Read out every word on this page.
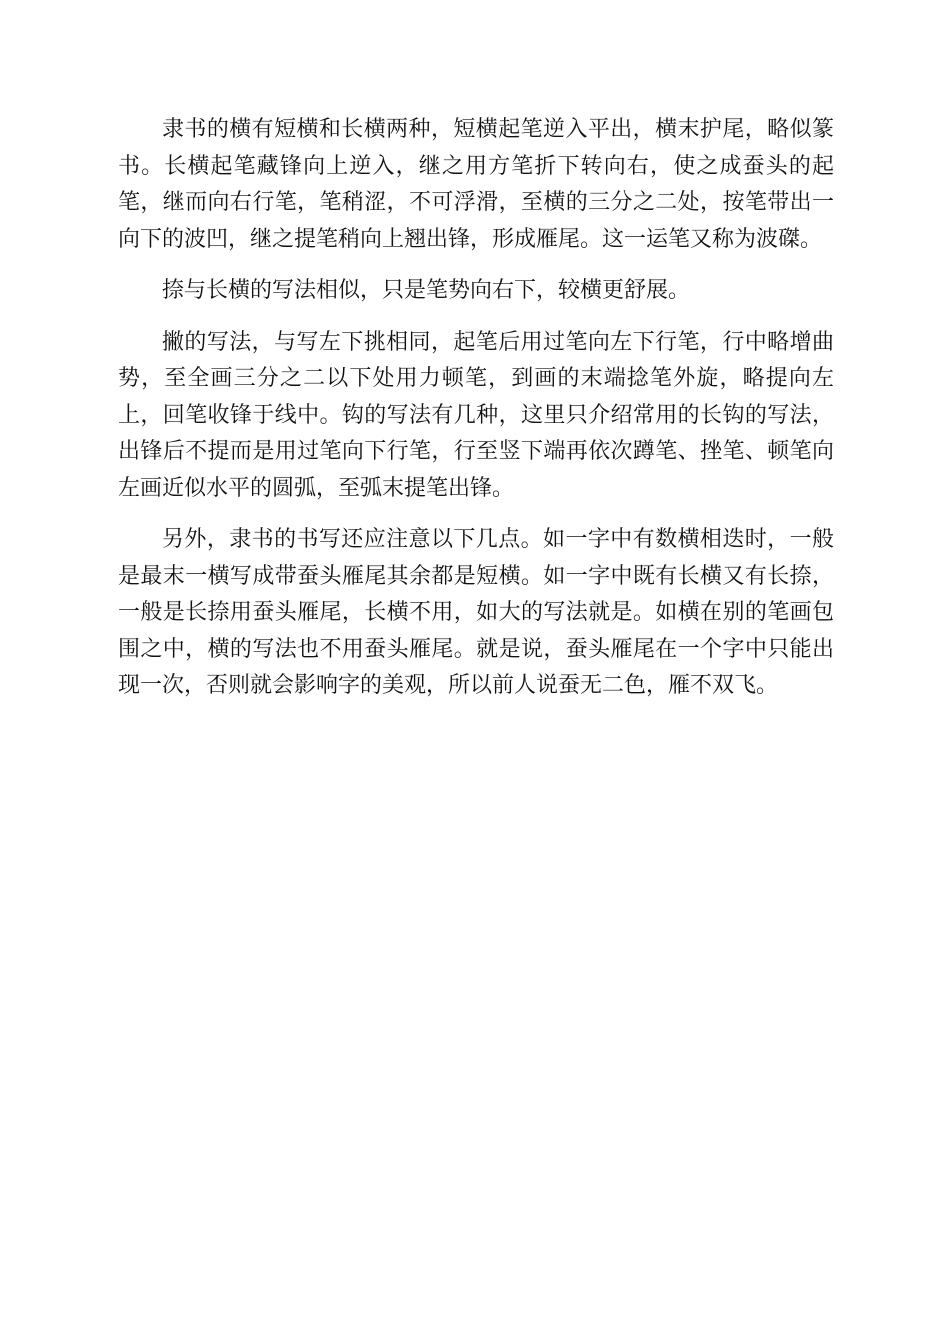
隶书的横有短横和长横两种，短横起笔逆入平出，横末护尾，略似篆书。长横起笔藏锋向上逆入，继之用方笔折下转向右，使之成蚕头的起笔，继而向右行笔，笔稍涩，不可浮滑，至横的三分之二处，按笔带出一向下的波凹，继之提笔稍向上翘出锋，形成雁尾。这一运笔又称为波磔。

捺与长横的写法相似，只是笔势向右下，较横更舒展。

撇的写法，与写左下挑相同，起笔后用过笔向左下行笔，行中略增曲势，至全画三分之二以下处用力顿笔，到画的末端捻笔外旋，略提向左上，回笔收锋于线中。钩的写法有几种，这里只介绍常用的长钩的写法，出锋后不提而是用过笔向下行笔，行至竖下端再依次蹲笔、挫笔、顿笔向左画近似水平的圆弧，至弧末提笔出锋。

另外，隶书的书写还应注意以下几点。如一字中有数横相迭时，一般是最末一横写成带蚕头雁尾其余都是短横。如一字中既有长横又有长捺，一般是长捺用蚕头雁尾，长横不用，如大的写法就是。如横在别的笔画包围之中，横的写法也不用蚕头雁尾。就是说，蚕头雁尾在一个字中只能出现一次，否则就会影响字的美观，所以前人说蚕无二色，雁不双飞。
